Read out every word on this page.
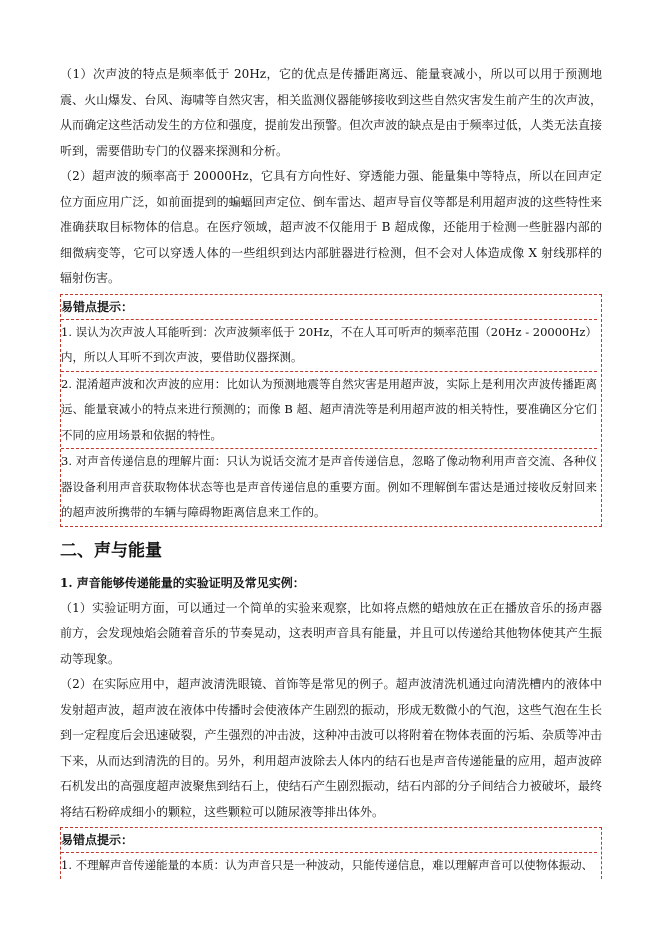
（1）次声波的特点是频率低于 20Hz，它的优点是传播距离远、能量衰减小，所以可以用于预测地震、火山爆发、台风、海啸等自然灾害，相关监测仪器能够接收到这些自然灾害发生前产生的次声波，从而确定这些活动发生的方位和强度，提前发出预警。但次声波的缺点是由于频率过低，人类无法直接听到，需要借助专门的仪器来探测和分析。

（2）超声波的频率高于 20000Hz，它具有方向性好、穿透能力强、能量集中等特点，所以在回声定位方面应用广泛，如前面提到的蝙蝠回声定位、倒车雷达、超声导盲仪等都是利用超声波的这些特性来准确获取目标物体的信息。在医疗领域，超声波不仅能用于 B 超成像，还能用于检测一些脏器内部的细微病变等，它可以穿透人体的一些组织到达内部脏器进行检测，但不会对人体造成像 X 射线那样的辐射伤害。

易错点提示：

1. 误认为次声波人耳能听到：次声波频率低于 20Hz，不在人耳可听声的频率范围（20Hz - 20000Hz）内，所以人耳听不到次声波，要借助仪器探测。

2. 混淆超声波和次声波的应用：比如认为预测地震等自然灾害是用超声波，实际上是利用次声波传播距离远、能量衰减小的特点来进行预测的；而像 B 超、超声清洗等是利用超声波的相关特性，要准确区分它们不同的应用场景和依据的特性。

3. 对声音传递信息的理解片面：只认为说话交流才是声音传递信息，忽略了像动物利用声音交流、各种仪器设备利用声音获取物体状态等也是声音传递信息的重要方面。例如不理解倒车雷达是通过接收反射回来的超声波所携带的车辆与障碍物距离信息来工作的。

二、声与能量

1. 声音能够传递能量的实验证明及常见实例：

（1）实验证明方面，可以通过一个简单的实验来观察，比如将点燃的蜡烛放在正在播放音乐的扬声器前方，会发现烛焰会随着音乐的节奏晃动，这表明声音具有能量，并且可以传递给其他物体使其产生振动等现象。

（2）在实际应用中，超声波清洗眼镜、首饰等是常见的例子。超声波清洗机通过向清洗槽内的液体中发射超声波，超声波在液体中传播时会使液体产生剧烈的振动，形成无数微小的气泡，这些气泡在生长到一定程度后会迅速破裂，产生强烈的冲击波，这种冲击波可以将附着在物体表面的污垢、杂质等冲击下来，从而达到清洗的目的。另外，利用超声波除去人体内的结石也是声音传递能量的应用，超声波碎石机发出的高强度超声波聚焦到结石上，使结石产生剧烈振动，结石内部的分子间结合力被破坏，最终将结石粉碎成细小的颗粒，这些颗粒可以随尿液等排出体外。

易错点提示：

1. 不理解声音传递能量的本质：认为声音只是一种波动，只能传递信息，难以理解声音可以使物体振动、
